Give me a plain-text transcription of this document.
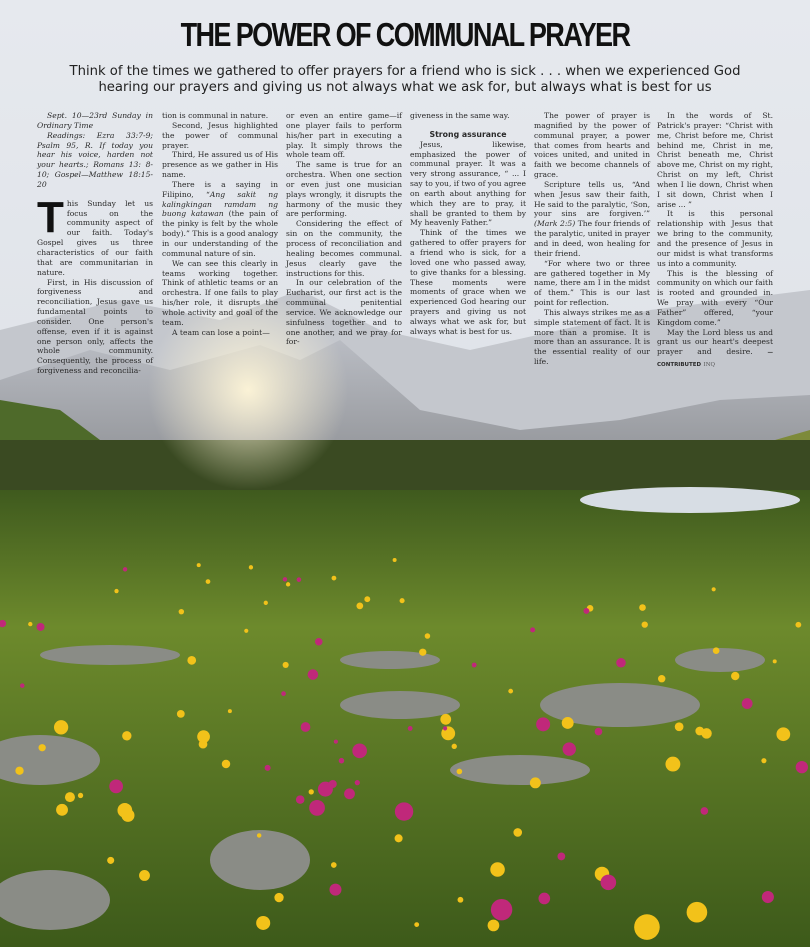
THE POWER OF COMMUNAL PRAYER

Think of the times we gathered to offer prayers for a friend who is sick . . . when we experienced God hearing our prayers and giving us not always what we ask for, but always what is best for us

Sept. 10—23rd Sunday in Ordinary Time

Readings: Ezra 33:7-9; Psalm 95, R. If today you hear his voice, harden not your hearts.; Romans 13: 8-10; Gospel—Matthew 18:15-20

T his Sunday let us focus on the community aspect of our faith. Today's Gospel gives us three characteristics of our faith that are communitarian in nature.

First, in His discussion of forgiveness and reconciliation, Jesus gave us fundamental points to consider. One person's offense, even if it is against one person only, affects the whole community. Consequently, the process of forgiveness and reconcilia-

tion is communal in nature.

Second, Jesus highlighted the power of communal prayer.

Third, He assured us of His presence as we gather in His name.

There is a saying in Filipino, “Ang sakit ng kalingkingan ramdam ng buong katawan (the pain of the pinky is felt by the whole body).” This is a good analogy in our understanding of the communal nature of sin.

We can see this clearly in teams working together. Think of athletic teams or an orchestra. If one fails to play his/her role, it disrupts the whole activity and goal of the team.

A team can lose a point—

or even an entire game—if one player fails to perform his/her part in executing a play. It simply throws the whole team off.

The same is true for an orchestra. When one section or even just one musician plays wrongly, it disrupts the harmony of the music they are performing.

Considering the effect of sin on the community, the process of reconciliation and healing becomes communal. Jesus clearly gave the instructions for this.

In our celebration of the Eucharist, our first act is the communal penitential service. We acknowledge our sinfulness together and to one another, and we pray for for-

giveness in the same way.

Strong assurance

Jesus, likewise, emphasized the power of communal prayer. It was a very strong assurance, “ ... I say to you, if two of you agree on earth about anything for which they are to pray, it shall be granted to them by My heavenly Father.”

Think of the times we gathered to offer prayers for a friend who is sick, for a loved one who passed away, to give thanks for a blessing. These moments were moments of grace when we experienced God hearing our prayers and giving us not always what we ask for, but always what is best for us.

The power of prayer is magnified by the power of communal prayer, a power that comes from hearts and voices united, and united in faith we become channels of grace.

Scripture tells us, “And when Jesus saw their faith, He said to the paralytic, ‘Son, your sins are forgiven.’” (Mark 2:5) The four friends of the paralytic, united in prayer and in deed, won healing for their friend.

“For where two or three are gathered together in My name, there am I in the midst of them.” This is our last point for reflection.

This always strikes me as a simple statement of fact. It is more than a promise. It is more than an assurance. It is the essential reality of our life.

In the words of St. Patrick's prayer: “Christ with me, Christ before me, Christ behind me, Christ in me, Christ beneath me, Christ above me, Christ on my right, Christ on my left, Christ when I lie down, Christ when I sit down, Christ when I arise ... ”

It is this personal relationship with Jesus that we bring to the community, and the presence of Jesus in our midst is what transforms us into a community.

This is the blessing of community on which our faith is rooted and grounded in. We pray with every “Our Father” offered, “your Kingdom come.”

May the Lord bless us and grant us our heart's deepest prayer and desire. —CONTRIBUTED INQ
